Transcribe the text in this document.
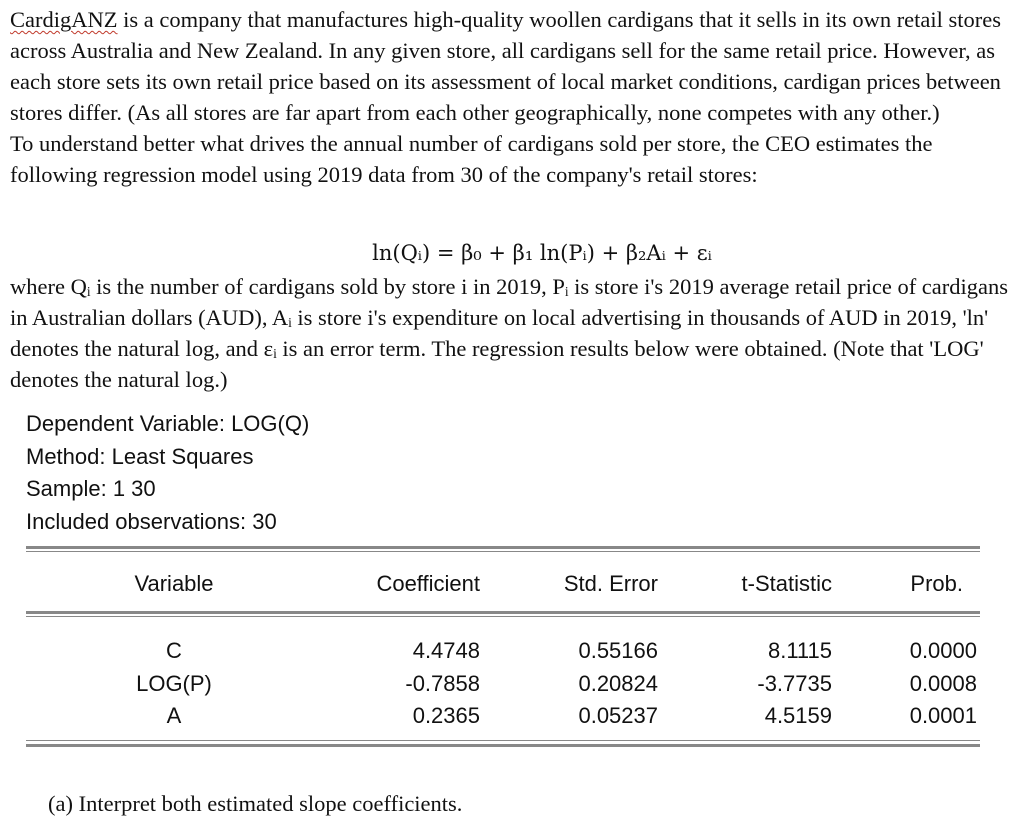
CardigANZ is a company that manufactures high-quality woollen cardigans that it sells in its own retail stores across Australia and New Zealand. In any given store, all cardigans sell for the same retail price. However, as each store sets its own retail price based on its assessment of local market conditions, cardigan prices between stores differ. (As all stores are far apart from each other geographically, none competes with any other.)

To understand better what drives the annual number of cardigans sold per store, the CEO estimates the following regression model using 2019 data from 30 of the company's retail stores:

ln(Qᵢ) = β₀ + β₁ ln(Pᵢ) + β₂Aᵢ + εᵢ

where Qᵢ is the number of cardigans sold by store i in 2019, Pᵢ is store i's 2019 average retail price of cardigans in Australian dollars (AUD), Aᵢ is store i's expenditure on local advertising in thousands of AUD in 2019, 'ln' denotes the natural log, and εᵢ is an error term. The regression results below were obtained. (Note that 'LOG' denotes the natural log.)

Dependent Variable: LOG(Q)
Method: Least Squares
Sample: 1 30
Included observations: 30
Variable	Coefficient	Std. Error	t-Statistic	Prob.
C	4.4748	0.55166	8.1115	0.0000
LOG(P)	-0.7858	0.20824	-3.7735	0.0008
A	0.2365	0.05237	4.5159	0.0001
(a) Interpret both estimated slope coefficients.
